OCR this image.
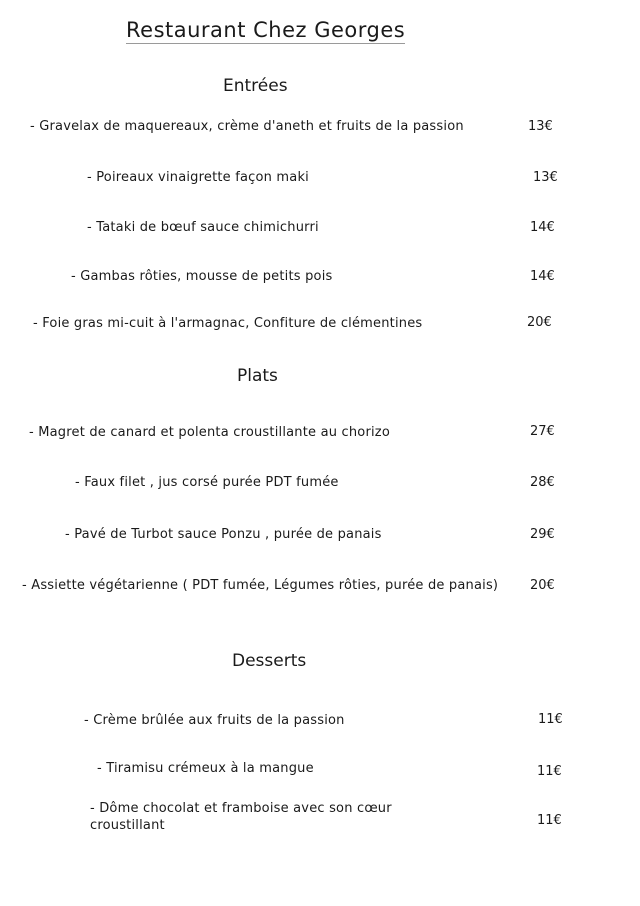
Restaurant Chez Georges
Entrées
- Gravelax de maquereaux, crème d'aneth et fruits de la passion	13€
- Poireaux vinaigrette façon maki	13€
- Tataki de bœuf sauce chimichurri	14€
- Gambas rôties, mousse de petits pois	14€
- Foie gras mi-cuit à l'armagnac, Confiture de clémentines	20€
Plats
- Magret de canard et polenta croustillante au chorizo	27€
- Faux filet , jus corsé purée PDT fumée	28€
- Pavé de Turbot sauce Ponzu , purée de panais	29€
- Assiette végétarienne ( PDT fumée, Légumes rôties, purée de panais)	20€
Desserts
- Crème brûlée aux fruits de la passion	11€
- Tiramisu crémeux à la mangue	11€
- Dôme chocolat et framboise avec son cœur croustillant	11€
